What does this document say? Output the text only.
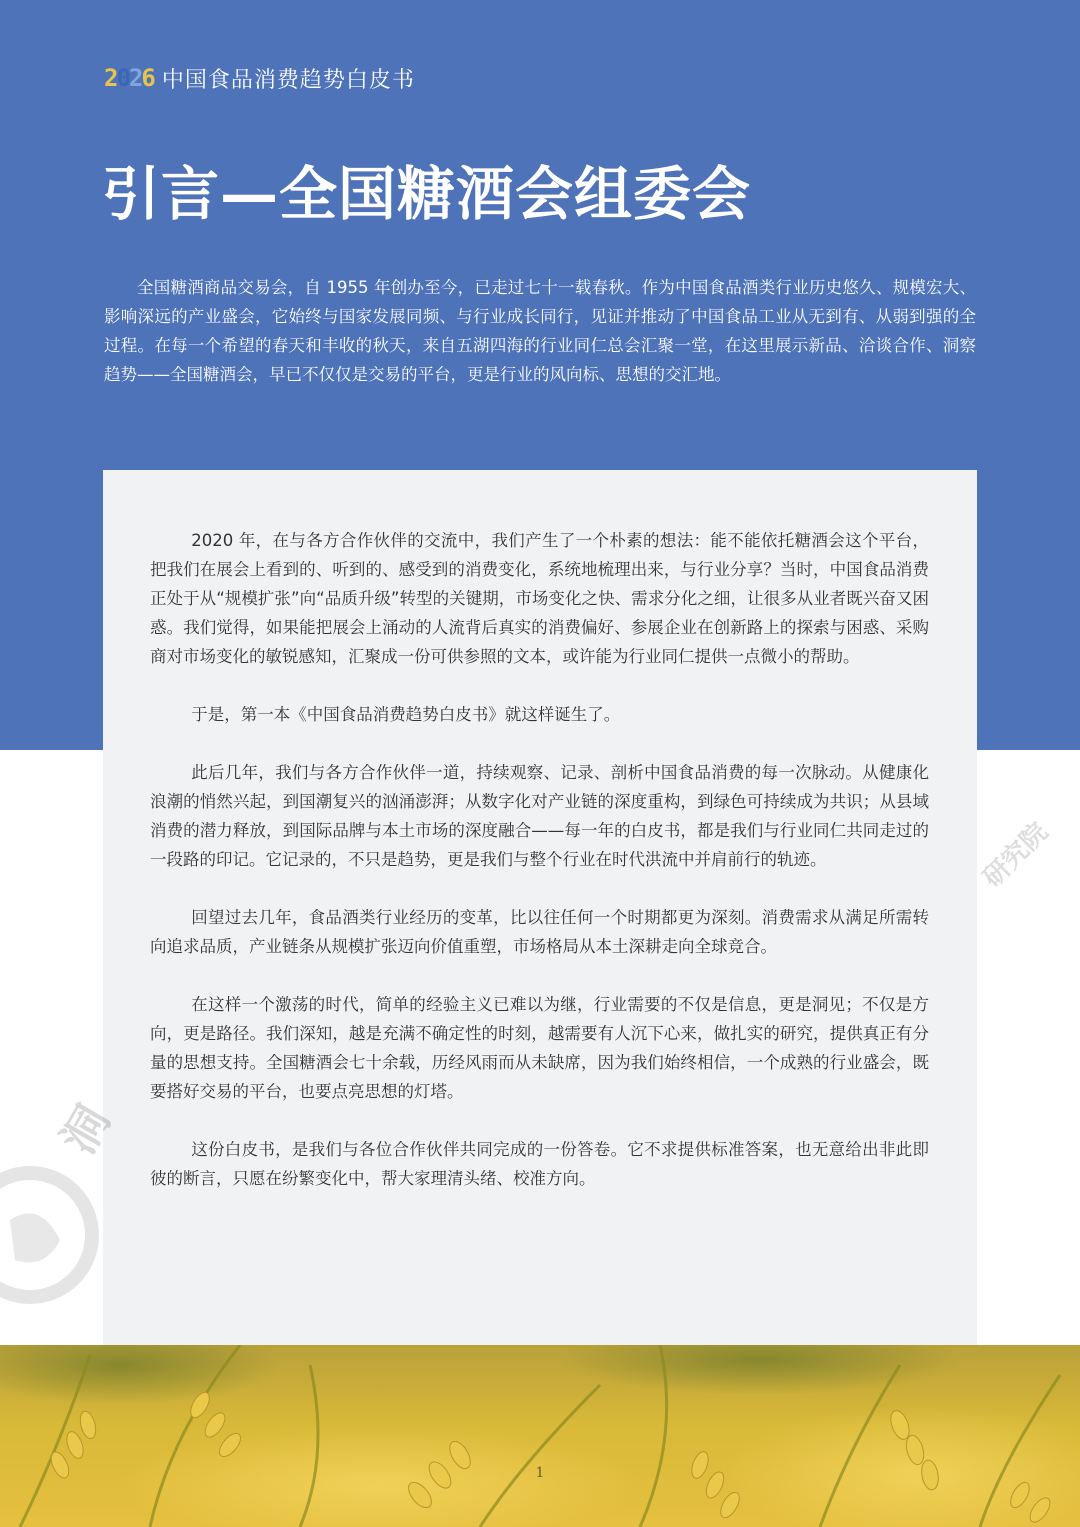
2026 中国食品消费趋势白皮书
引言—全国糖酒会组委会

全国糖酒商品交易会，自 1955 年创办至今，已走过七十一载春秋。作为中国食品酒类行业历史悠久、规模宏大、影响深远的产业盛会，它始终与国家发展同频、与行业成长同行，见证并推动了中国食品工业从无到有、从弱到强的全过程。在每一个希望的春天和丰收的秋天，来自五湖四海的行业同仁总会汇聚一堂，在这里展示新品、洽谈合作、洞察趋势——全国糖酒会，早已不仅仅是交易的平台，更是行业的风向标、思想的交汇地。

2020 年，在与各方合作伙伴的交流中，我们产生了一个朴素的想法：能不能依托糖酒会这个平台，把我们在展会上看到的、听到的、感受到的消费变化，系统地梳理出来，与行业分享？当时，中国食品消费正处于从“规模扩张”向“品质升级”转型的关键期，市场变化之快、需求分化之细，让很多从业者既兴奋又困惑。我们觉得，如果能把展会上涌动的人流背后真实的消费偏好、参展企业在创新路上的探索与困惑、采购商对市场变化的敏锐感知，汇聚成一份可供参照的文本，或许能为行业同仁提供一点微小的帮助。

于是，第一本《中国食品消费趋势白皮书》就这样诞生了。

此后几年，我们与各方合作伙伴一道，持续观察、记录、剖析中国食品消费的每一次脉动。从健康化浪潮的悄然兴起，到国潮复兴的汹涌澎湃；从数字化对产业链的深度重构，到绿色可持续成为共识；从县域消费的潜力释放，到国际品牌与本土市场的深度融合——每一年的白皮书，都是我们与行业同仁共同走过的一段路的印记。它记录的，不只是趋势，更是我们与整个行业在时代洪流中并肩前行的轨迹。

回望过去几年，食品酒类行业经历的变革，比以往任何一个时期都更为深刻。消费需求从满足所需转向追求品质，产业链条从规模扩张迈向价值重塑，市场格局从本土深耕走向全球竞合。

在这样一个激荡的时代，简单的经验主义已难以为继，行业需要的不仅是信息，更是洞见；不仅是方向，更是路径。我们深知，越是充满不确定性的时刻，越需要有人沉下心来，做扎实的研究，提供真正有分量的思想支持。全国糖酒会七十余载，历经风雨而从未缺席，因为我们始终相信，一个成熟的行业盛会，既要搭好交易的平台，也要点亮思想的灯塔。

这份白皮书，是我们与各位合作伙伴共同完成的一份答卷。它不求提供标准答案，也无意给出非此即彼的断言，只愿在纷繁变化中，帮大家理清头绪、校准方向。

洞
研究院
1
